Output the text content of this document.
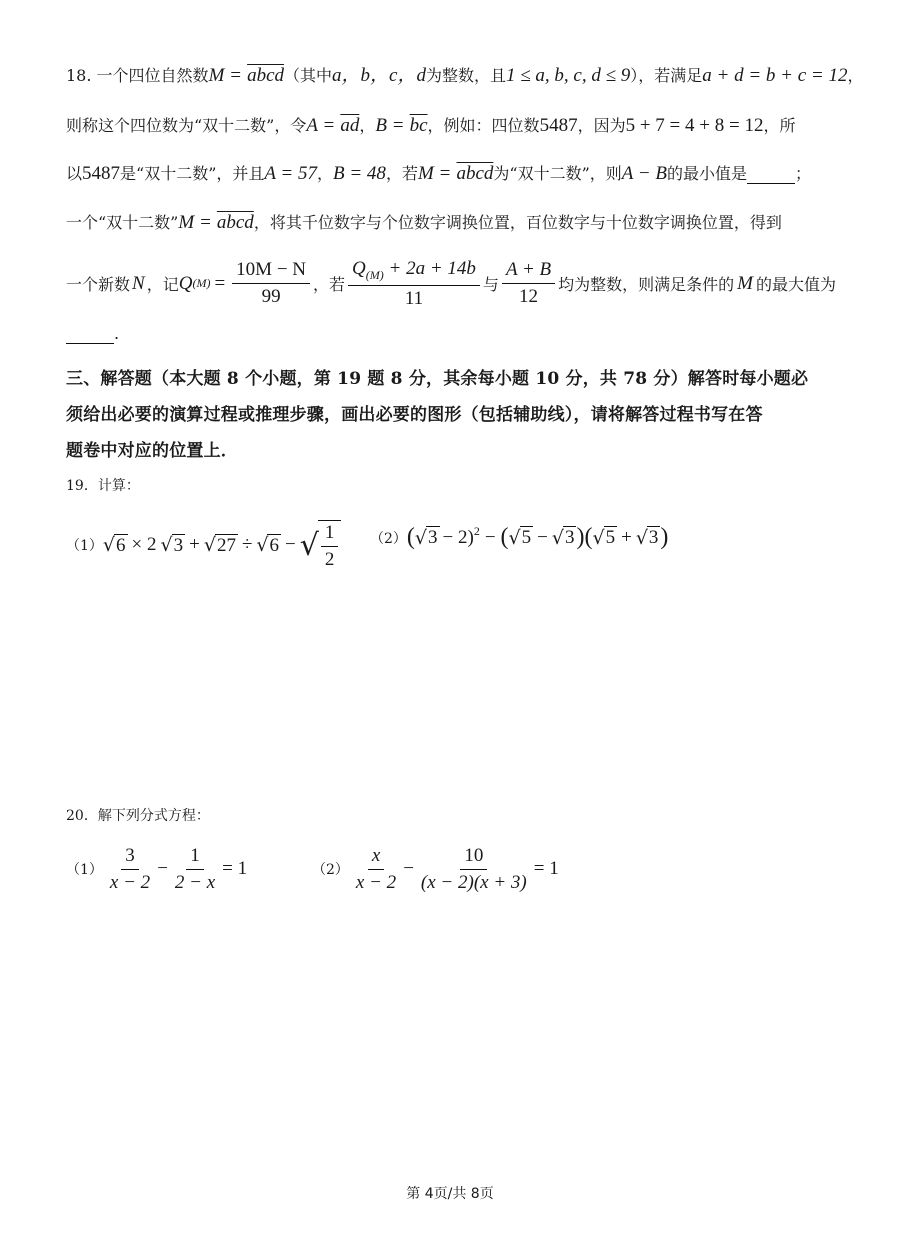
18. 一个四位自然数M = abcd（其中a，b，c，d为整数，且1 ≤ a, b, c, d ≤ 9），若满足a + d = b + c = 12，
则称这个四位数为“双十二数”，令$A = \overline{ad}$，$B = \overline{bc}$，例如：四位数5487，因为5 + 7 = 4 + 8 = 12，所
以5487是“双十二数”，并且A = 57，B = 48，若M = abcd为“双十二数”，则A − B的最小值是	；
一个“双十二数”M = abcd，将其千位数字与个位数字调换位置，百位数字与十位数字调换位置，得到
一个新数 N ，记 Q $(M) = \frac{10M - N}{99}$ ，若 $\frac{Q_{(M)} + 2a + 14b}{11}$ 与 $\frac{A + B}{12}$ 均为整数，则满足条件的 M 的最大值为
.
三、解答题（本大题 8 个小题，第 19 题 8 分，其余每小题 10 分，共 78 分）解答时每小题必
须给出必要的演算过程或推理步骤，画出必要的图形（包括辅助线），请将解答过程书写在答
题卷中对应的位置上．
19．计算：
（1） √ 6 × 2 √ 3 + √ 27 ÷ √ 6 − √ $\frac{1}{2} (2)$ ( √ 3 − 2)$^2$ − ( √ 5 − √ 3 ) ( √ 5 + √ 3 )
20．解下列分式方程：
$(1) \frac{3}{x - 2} - \frac{1}{2 - x} = 1$	$(2) \frac{x}{x - 2} - \frac{10}{(x - 2)(x + 3)} = 1$
第 4页/共 8页
